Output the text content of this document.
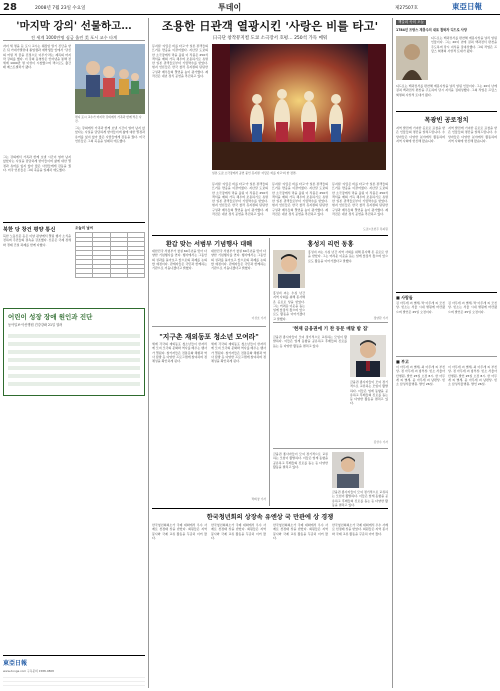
28	2008년 7월 23일 수요일	투데이	제27507호	東亞日報
'마지막 강의' 선물하고…
전 세계 1000만명 심금 울린 美 포시 교수 타계
자녀 세 명을 둔 포시 교수는 췌장암 말기 진단을 받은 뒤 카네기멜런대 졸업생과 재학생들 앞에서 ‘당신의 어릴 적 꿈을 진정으로 이루기’라는 제목의 마지막 강의를 했다. 이 강의 동영상은 인터넷을 통해 전 세계 1000만 명 이상이 시청했으며 책으로도 출간돼 베스트셀러가 됐다.
랜디 포시 교수가 마지막 강의에서 가족과 함께 찍은 사진.
그는 강의에서 가족과 함께 보낼 시간이 얼마 남지 않았다는 사실을 담담하게 받아들이며 삶에 대한 열정과 유머를 잃지 않아 많은 사람들에게 감동을 줬다. 미국 언론들은 그의 죽음을 일제히 애도했다.
그는 강의에서 가족과 함께 보낼 시간이 얼마 남지 않았다는 사실을 담담하게 받아들이며 삶에 대한 열정과 유머를 잃지 않아 많은 사람들에게 감동을 줬다. 미국 언론들은 그의 죽음을 일제히 애도했다.
북한 당 창건 평양 통신
북한 노동신문 등은 이날 평양에서 열린 행사 소식을 전하며 주민들의 결속을 강조했다. 신문은 국제 정세와 경제 건설 과제를 함께 다뤘다.
오늘의 날씨

어린이 성장 장애 원인과 진단
동아일보·아산병원 건강강좌 21일 열려
東亞日報
www.donga.com 구독문의 1588-0808
조용한 日관객 열광시킨 '사랑은 비를 타고'
日극단 창작뮤지컬 도쿄 소극장서 호평… 250석 가득 메워
뮤지컬 ‘사랑은 비를 타고’가 일본 관객들의 뜨거운 반응을 이끌어냈다. 지난달 도쿄의 한 소극장에서 막을 올린 이 작품은 250석 객석을 매회 가득 채우며 조용하기로 유명한 일본 관객들로부터 기립박수를 받았다. 현지 언론들은 한국 창작 뮤지컬의 탄탄한 구성과 배우들의 열연을 높이 평가했다. 제작진은 내년 정식 공연을 추진하고 있다.
일본 도쿄 소극장에서 공연 중인 뮤지컬 ‘사랑은 비를 타고’의 한 장면.
뮤지컬 ‘사랑은 비를 타고’가 일본 관객들의 뜨거운 반응을 이끌어냈다. 지난달 도쿄의 한 소극장에서 막을 올린 이 작품은 250석 객석을 매회 가득 채우며 조용하기로 유명한 일본 관객들로부터 기립박수를 받았다. 현지 언론들은 한국 창작 뮤지컬의 탄탄한 구성과 배우들의 열연을 높이 평가했다. 제작진은 내년 정식 공연을 추진하고 있다.
뮤지컬 ‘사랑은 비를 타고’가 일본 관객들의 뜨거운 반응을 이끌어냈다. 지난달 도쿄의 한 소극장에서 막을 올린 이 작품은 250석 객석을 매회 가득 채우며 조용하기로 유명한 일본 관객들로부터 기립박수를 받았다. 현지 언론들은 한국 창작 뮤지컬의 탄탄한 구성과 배우들의 열연을 높이 평가했다. 제작진은 내년 정식 공연을 추진하고 있다.
뮤지컬 ‘사랑은 비를 타고’가 일본 관객들의 뜨거운 반응을 이끌어냈다. 지난달 도쿄의 한 소극장에서 막을 올린 이 작품은 250석 객석을 매회 가득 채우며 조용하기로 유명한 일본 관객들로부터 기립박수를 받았다. 현지 언론들은 한국 창작 뮤지컬의 탄탄한 구성과 배우들의 열연을 높이 평가했다. 제작진은 내년 정식 공연을 추진하고 있다.
도쿄=조헌주 특파원
환갑 맞는 서범부 기념행사 대해
대한민국 서범부가 창설 60주년을 맞아 다양한 기념행사를 연다. 행사에서는 그동안의 성과를 돌아보고 앞으로의 과제를 논의할 예정이다. 관계자들은 국민과 함께하는 기관으로 거듭나겠다고 밝혔다.
대한민국 서범부가 창설 60주년을 맞아 다양한 기념행사를 연다. 행사에서는 그동안의 성과를 돌아보고 앞으로의 과제를 논의할 예정이다. 관계자들은 국민과 함께하는 기관으로 거듭나겠다고 밝혔다.
이성호 기자
홍성지 리런 동홍
홍성지 씨는 수십 년간 지역 사회를 위해 봉사해 온 공로로 상을 받았다. 그는 어려운 이웃을 돕는 일에 앞장서 왔으며 앞으로도 활동을 이어가겠다고 말했다.
홍성지 씨는 수십 년간 지역 사회를 위해 봉사해 온 공로로 상을 받았다. 그는 어려운 이웃을 돕는 일에 앞장서 왔으며 앞으로도 활동을 이어가겠다고 말했다.	정양환 기자
'현재 금융권에 기 찬 동문 매달 밤 집'
금융권 종사자들이 모여 정기적으로 교류하는 모임이 활발하다. 이들은 업계 동향을 공유하고 후배들의 진로를 돕는 등 다양한 활동을 펼치고 있다.
금융권 종사자들이 모여 정기적으로 교류하는 모임이 활발하다. 이들은 업계 동향을 공유하고 후배들의 진로를 돕는 등 다양한 활동을 펼치고 있다.
김상수 기자
"지구촌 재외동포 청소년 모여라"
세계 각국의 재외동포 청소년들이 한자리에 모여 모국의 문화와 역사를 배우는 행사가 열린다. 참가자들은 전통문화 체험과 역사 탐방 등 다양한 프로그램에 참여하며 정체성을 확인하게 된다.
세계 각국의 재외동포 청소년들이 한자리에 모여 모국의 문화와 역사를 배우는 행사가 열린다. 참가자들은 전통문화 체험과 역사 탐방 등 다양한 프로그램에 참여하며 정체성을 확인하게 된다.
박희창 기자
금융권 종사자들이 모여 정기적으로 교류하는 모임이 활발하다. 이들은 업계 동향을 공유하고 후배들의 진로를 돕는 등 다양한 활동을 펼치고 있다.
금융권 종사자들이 모여 정기적으로 교류하는 모임이 활발하다. 이들은 업계 동향을 공유하고 후배들의 진로를 돕는 등 다양한 활동을 펼치고 있다.
한국청년회의 상장속 유엔상 국 만관에 상 경쟁
한국청년회의소가 국제 대회에서 우수 사례로 선정돼 상을 받았다. 회원들은 지역 봉사와 국제 교류 활동을 꾸준히 이어 왔다.
한국청년회의소가 국제 대회에서 우수 사례로 선정돼 상을 받았다. 회원들은 지역 봉사와 국제 교류 활동을 꾸준히 이어 왔다.
한국청년회의소가 국제 대회에서 우수 사례로 선정돼 상을 받았다. 회원들은 지역 봉사와 국제 교류 활동을 꾸준히 이어 왔다.
한국청년회의소가 국제 대회에서 우수 사례로 선정돼 상을 받았다. 회원들은 지역 봉사와 국제 교류 활동을 꾸준히 이어 왔다.
책갈피 속의 오늘
1784년 프랑스 계몽주의 대표 철학자 디드로 사망
디드로는 백과전서를 편찬해 계몽사상을 널리 알린 인물이다. 그는 20여 년에 걸쳐 백과전서 편찬을 주도하며 당시 지식을 집대성했다. 그의 작업은 프랑스 혁명의 사상적 토대가 됐다.
디드로는 백과전서를 편찬해 계몽사상을 널리 알린 인물이다. 그는 20여 년에 걸쳐 백과전서 편찬을 주도하며 당시 지식을 집대성했다. 그의 작업은 프랑스 혁명의 사상적 토대가 됐다.
목광빈 공로정치
지역 발전에 기여한 공로로 표창을 받은 인물들의 명단을 알려드립니다. 수상자들은 다양한 분야에서 활동하며 지역 사회에 헌신해 왔습니다.
지역 발전에 기여한 공로로 표창을 받은 인물들의 명단을 알려드립니다. 수상자들은 다양한 분야에서 활동하며 지역 사회에 헌신해 왔습니다.
■ 사람들
김 아무개 씨 별세, 박 아무개 씨 모친상. 빈소는 서울 시내 병원에 마련됐으며 발인은 25일 오전이다.
김 아무개 씨 별세, 박 아무개 씨 모친상. 빈소는 서울 시내 병원에 마련됐으며 발인은 25일 오전이다.
■ 부고
이 아무개 씨 별세, 최 아무개 씨 부친상, 정 아무개 씨 빙부상. 빈소 서울아산병원, 발인 25일 오전 8시. 한 아무개 씨 별세, 윤 아무개 씨 남편상. 빈소 삼성서울병원, 발인 26일.
이 아무개 씨 별세, 최 아무개 씨 부친상, 정 아무개 씨 빙부상. 빈소 서울아산병원, 발인 25일 오전 8시. 한 아무개 씨 별세, 윤 아무개 씨 남편상. 빈소 삼성서울병원, 발인 26일.
